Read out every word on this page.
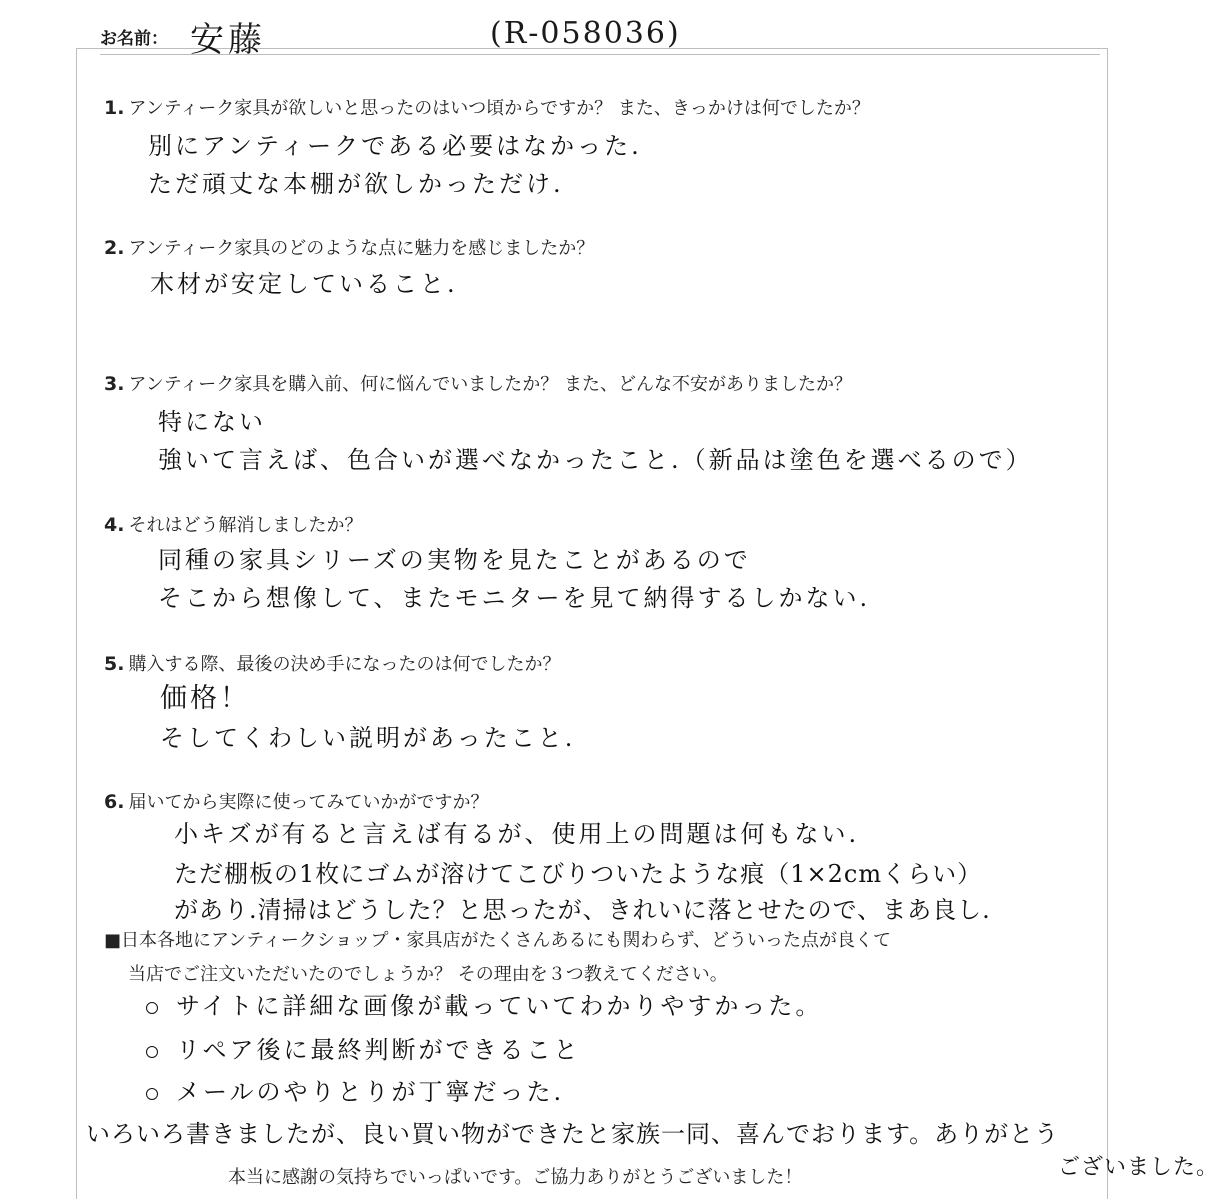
お名前： 安藤	(R-058036)
1. アンティーク家具が欲しいと思ったのはいつ頃からですか？ また、きっかけは何でしたか？
別にアンティークである必要はなかった.
ただ頑丈な本棚が欲しかっただけ.
2. アンティーク家具のどのような点に魅力を感じましたか？
木材が安定していること.
3. アンティーク家具を購入前、何に悩んでいましたか？ また、どんな不安がありましたか？
特にない
強いて言えば、色合いが選べなかったこと.（新品は塗色を選べるので）
4. それはどう解消しましたか？
同種の家具シリーズの実物を見たことがあるので
そこから想像して、またモニターを見て納得するしかない.
5. 購入する際、最後の決め手になったのは何でしたか？
価格！
そしてくわしい説明があったこと.
6. 届いてから実際に使ってみていかがですか？
小キズが有ると言えば有るが、使用上の問題は何もない.
ただ棚板の1枚にゴムが溶けてこびりついたような痕（1×2cmくらい）
があり.清掃はどうした？と思ったが、きれいに落とせたので、まあ良し.
■日本各地にアンティークショップ・家具店がたくさんあるにも関わらず、どういった点が良くて
当店でご注文いただいたのでしょうか？ その理由を３つ教えてください。
サイトに詳細な画像が載っていてわかりやすかった。
リペア後に最終判断ができること
メールのやりとりが丁寧だった.
いろいろ書きましたが、良い買い物ができたと家族一同、喜んでおります。ありがとう
ございました。
本当に感謝の気持ちでいっぱいです。ご協力ありがとうございました！
